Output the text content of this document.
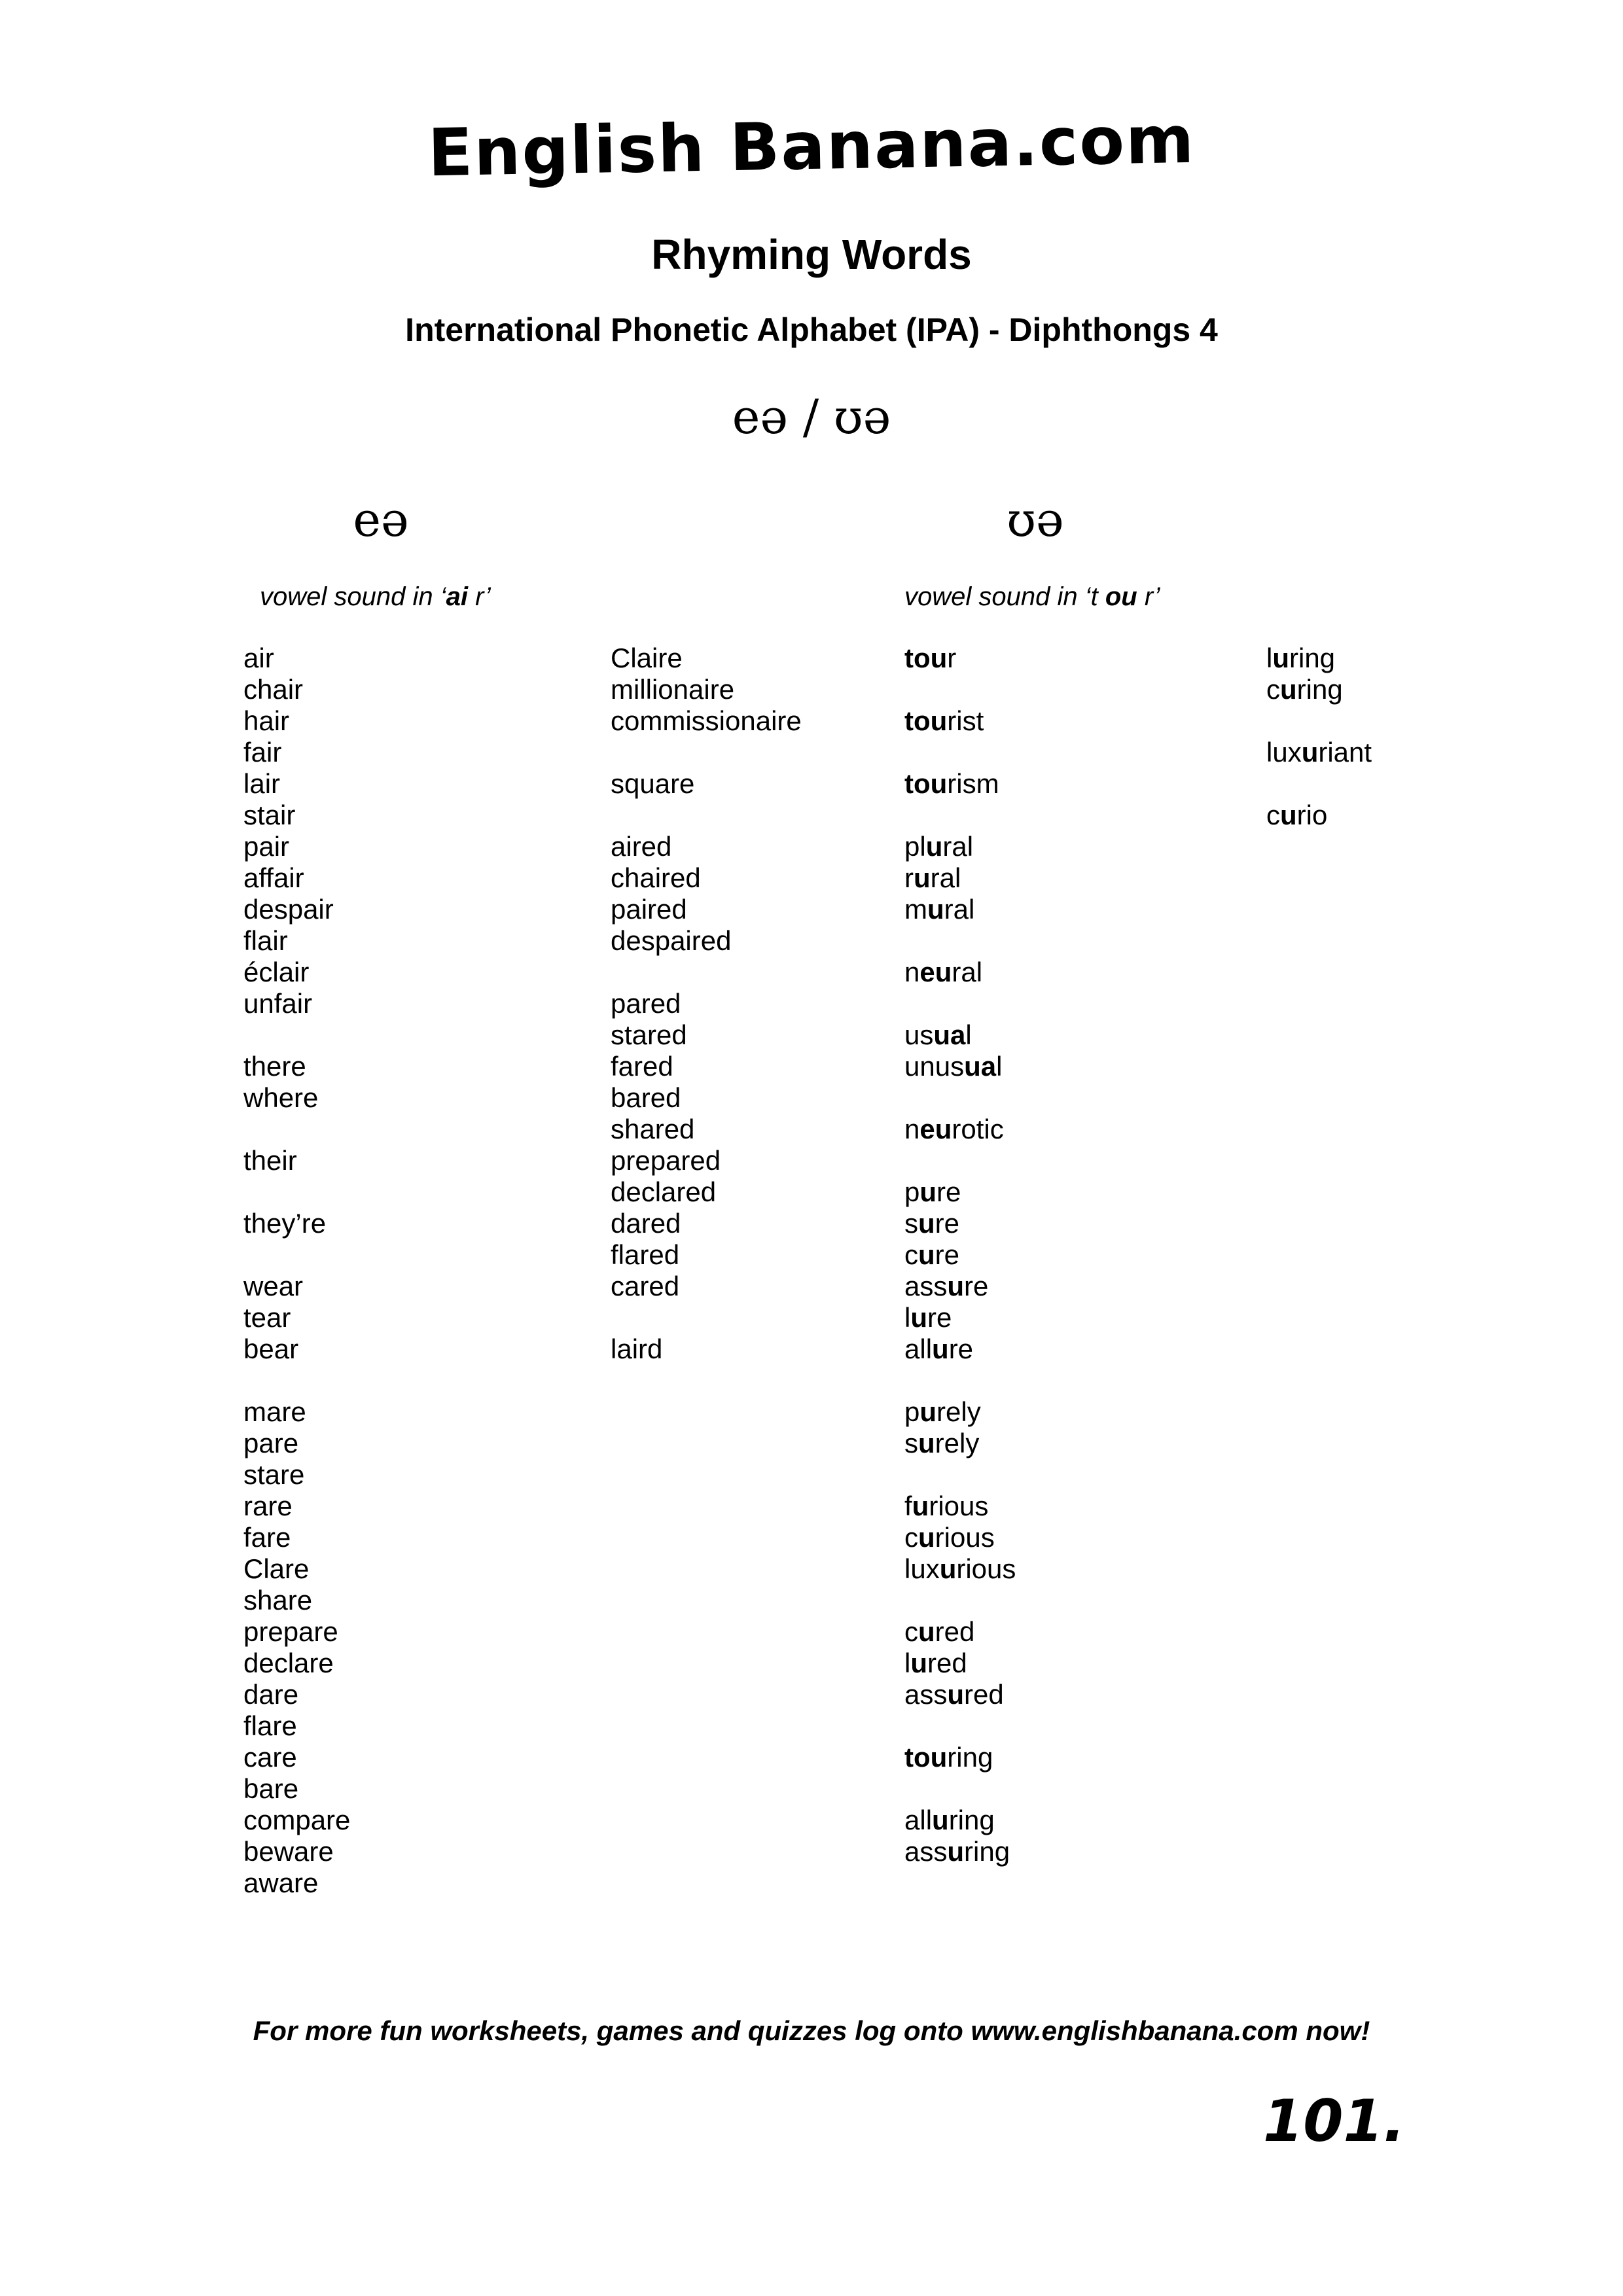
English Banana.com
Rhyming Words
International Phonetic Alphabet (IPA) - Diphthongs 4
eə / ʊə
eə	ʊə
vowel sound in ‘ai r’	vowel sound in ‘t ou r’
air
chair
hair
fair
lair
stair
pair
affair
despair
flair
éclair
unfair
there
where
their
they’re
wear
tear
bear
mare
pare
stare
rare
fare
Clare
share
prepare
declare
dare
flare
care
bare
compare
beware
aware
Claire
millionaire
commissionaire
square
aired
chaired
paired
despaired
pared
stared
fared
bared
shared
prepared
declared
dared
flared
cared
laird
tour
tourist
tourism
plural
rural
mural
neural
usual
unusual
neurotic
pure
sure
cure
assure
lure
allure
purely
surely
furious
curious
luxurious
cured
lured
assured
touring
alluring
assuring
luring
curing
luxuriant
curio
For more fun worksheets, games and quizzes log onto www.englishbanana.com now!
101.
